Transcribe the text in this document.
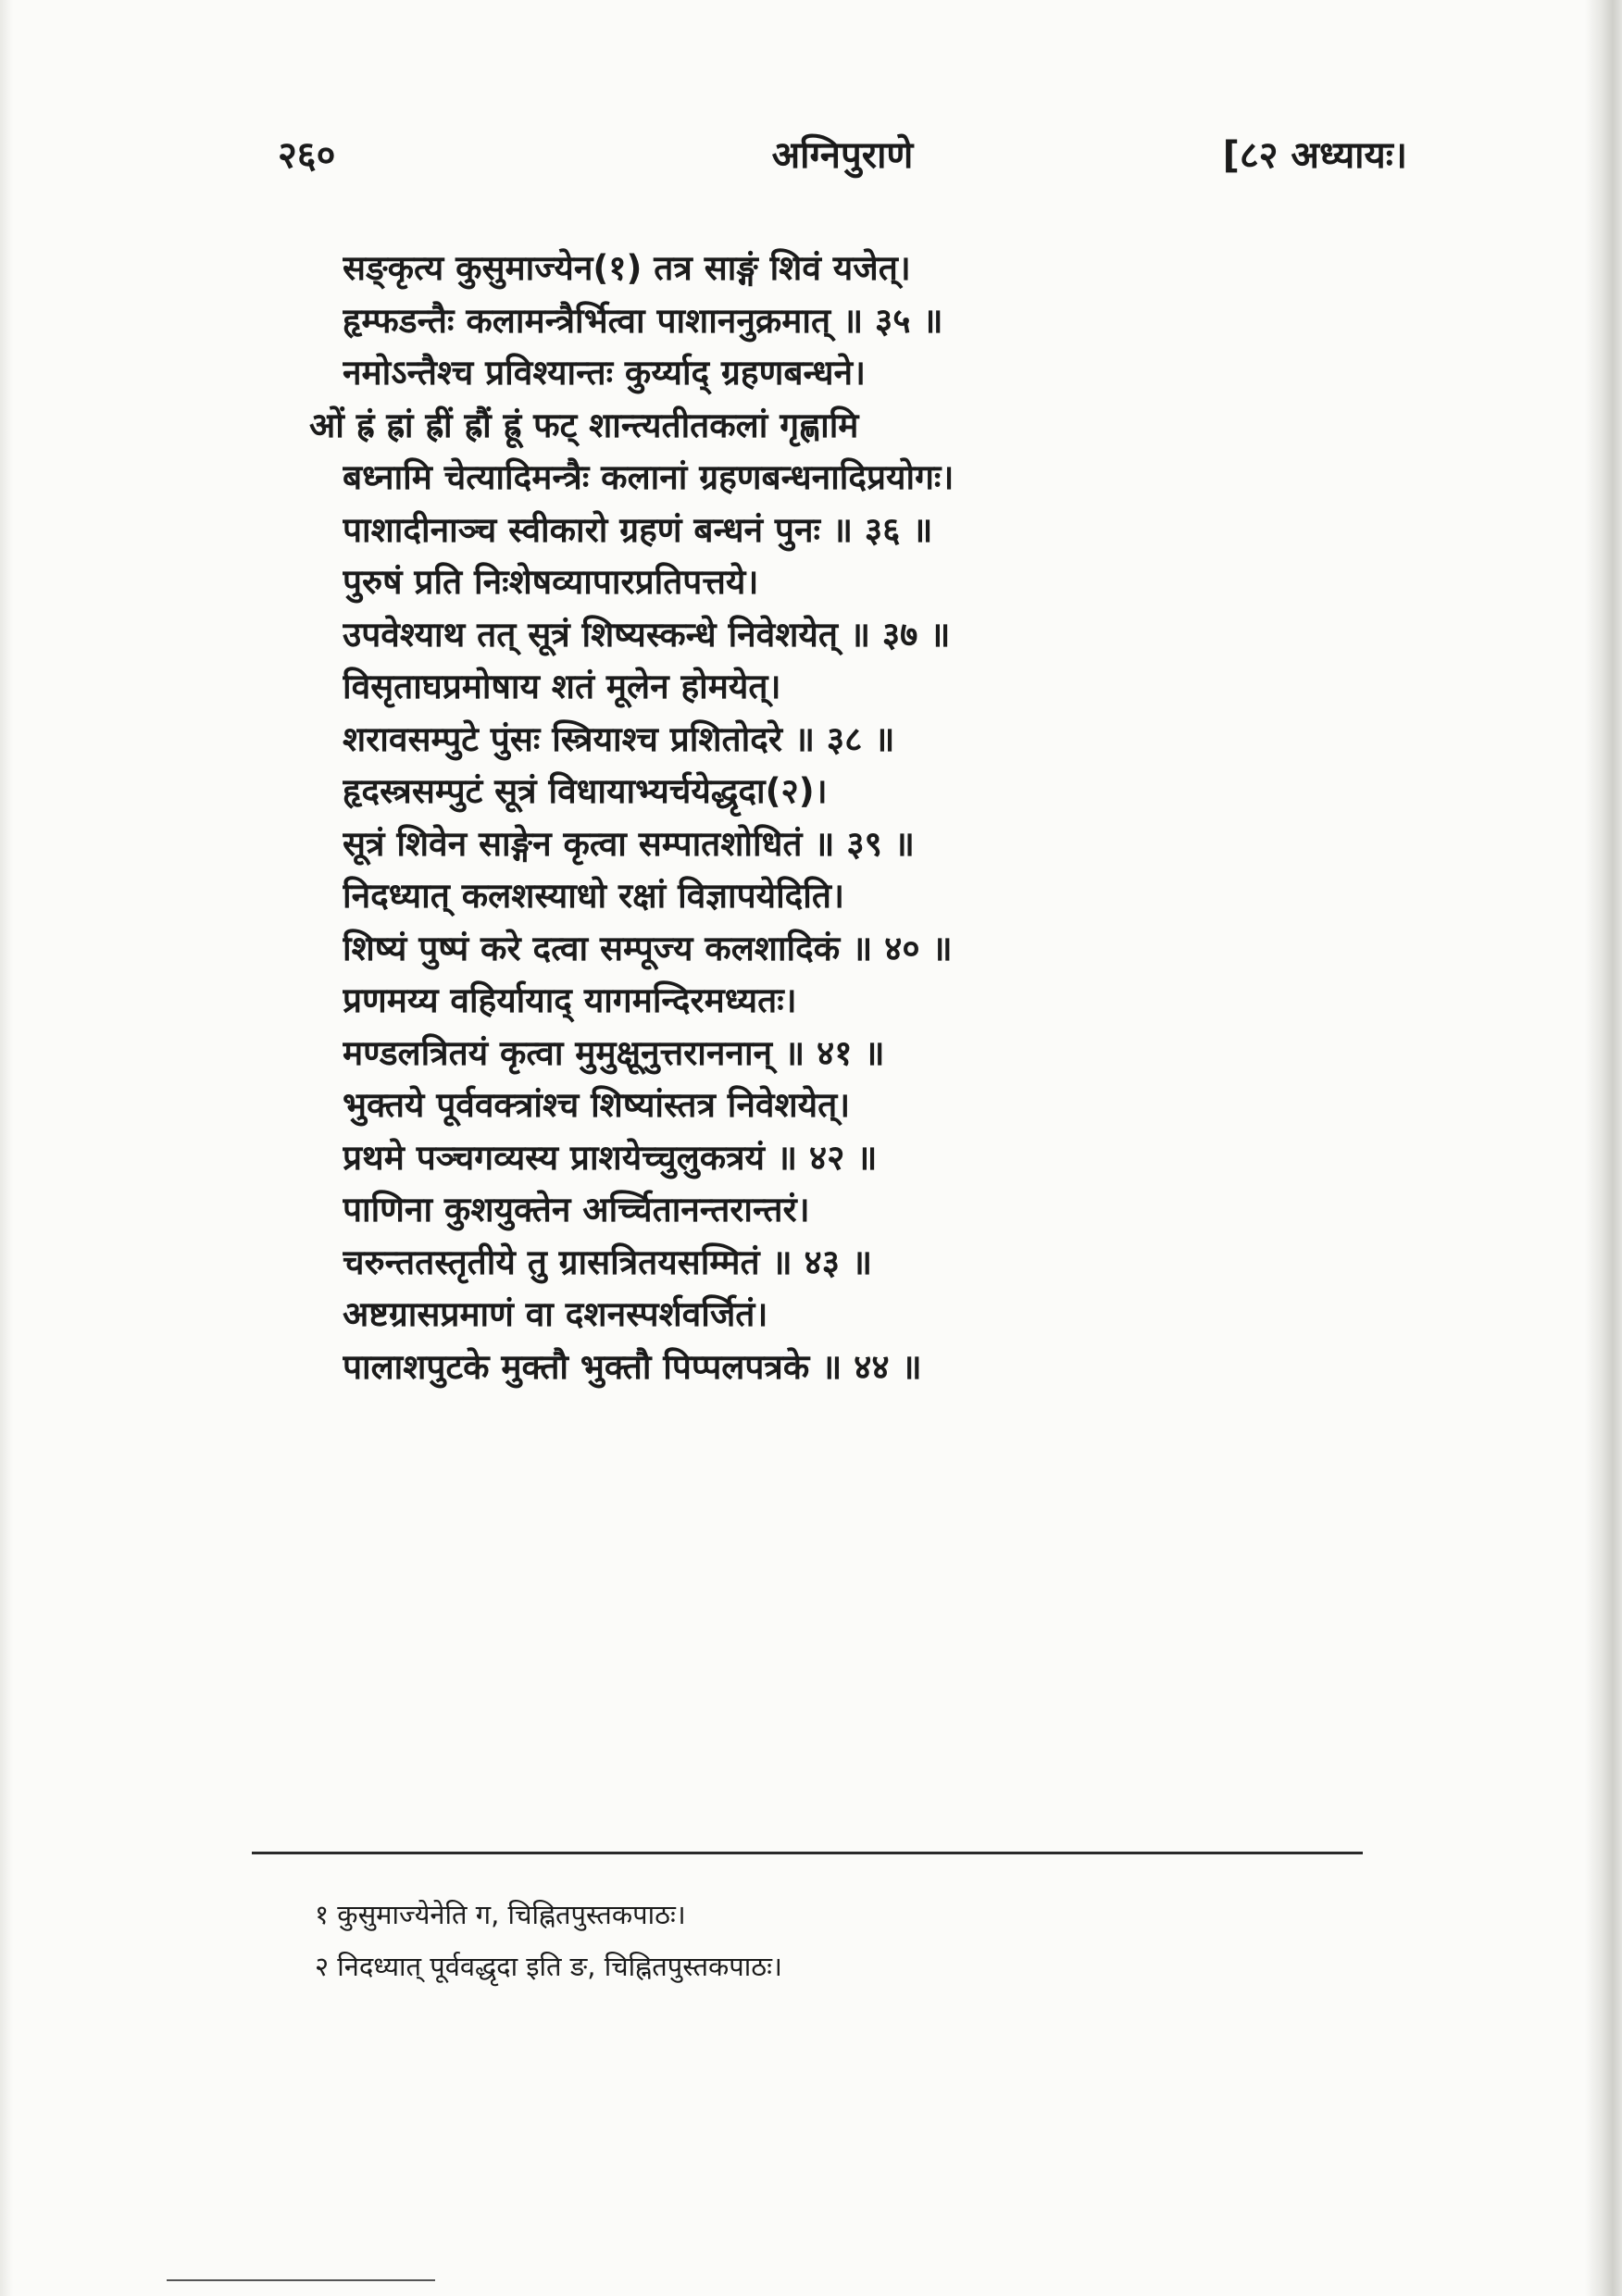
२६०	अग्निपुराणे	[८२ अध्यायः।
सङ्कृत्य कुसुमाज्येन(१) तत्र साङ्गं शिवं यजेत्।
हृम्फडन्तैः कलामन्त्रैर्भित्वा पाशाननुक्रमात् ॥ ३५ ॥
नमोऽन्तैश्च प्रविश्यान्तः कुर्य्याद् ग्रहणबन्धने।
ओं ह्रं ह्रां ह्रीं ह्रौं ह्रूं फट् शान्त्यतीतकलां गृह्णामि
बध्नामि चेत्यादिमन्त्रैः कलानां ग्रहणबन्धनादिप्रयोगः।
पाशादीनाञ्च स्वीकारो ग्रहणं बन्धनं पुनः ॥ ३६ ॥
पुरुषं प्रति निःशेषव्यापारप्रतिपत्तये।
उपवेश्याथ तत् सूत्रं शिष्यस्कन्धे निवेशयेत् ॥ ३७ ॥
विसृताघप्रमोषाय शतं मूलेन होमयेत्।
शरावसम्पुटे पुंसः स्त्रियाश्च प्रशितोदरे ॥ ३८ ॥
हृदस्त्रसम्पुटं सूत्रं विधायाभ्यर्चयेद्धृदा(२)।
सूत्रं शिवेन साङ्गेन कृत्वा सम्पातशोधितं ॥ ३९ ॥
निदध्यात् कलशस्याधो रक्षां विज्ञापयेदिति।
शिष्यं पुष्पं करे दत्वा सम्पूज्य कलशादिकं ॥ ४० ॥
प्रणमय्य वहिर्यायाद् यागमन्दिरमध्यतः।
मण्डलत्रितयं कृत्वा मुमुक्षूनुत्तराननान् ॥ ४१ ॥
भुक्तये पूर्ववक्त्रांश्च शिष्यांस्तत्र निवेशयेत्।
प्रथमे पञ्चगव्यस्य प्राशयेच्चुलुकत्रयं ॥ ४२ ॥
पाणिना कुशयुक्तेन अर्च्चितानन्तरान्तरं।
चरुन्ततस्तृतीये तु ग्रासत्रितयसम्मितं ॥ ४३ ॥
अष्टग्रासप्रमाणं वा दशनस्पर्शवर्जितं।
पालाशपुटके मुक्तौ भुक्तौ पिप्पलपत्रके ॥ ४४ ॥
१ कुसुमाज्येनेति ग, चिह्नितपुस्तकपाठः।
२ निदध्यात् पूर्ववद्धृदा इति ङ, चिह्नितपुस्तकपाठः।
